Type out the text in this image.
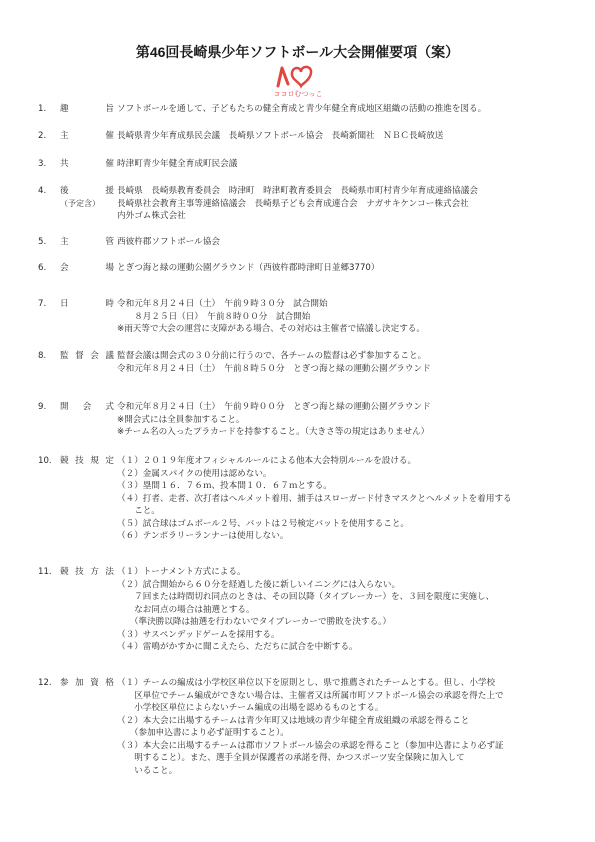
第46回長崎県少年ソフトボール大会開催要項（案）
ココロむつっこ
1.	趣　旨 ソフトボールを通して、子どもたちの健全育成と青少年健全育成地区組織の活動の推進を図る。
2.	主　催 長崎県青少年育成県民会議　長崎県ソフトボール協会　長崎新聞社　ＮＢＣ長崎放送
3.	共　催 時津町青少年健全育成町民会議
4.	後　援
（予定含）
長崎県　長崎県教育委員会　時津町　時津町教育委員会　長崎県市町村青少年育成連絡協議会
長崎県社会教育主事等連絡協議会　長崎県子ども会育成連合会　ナガサキケンコー株式会社
内外ゴム株式会社
5.	主　管 西彼杵郡ソフトボール協会
6.	会　場 とぎつ海と緑の運動公園グラウンド（西彼杵郡時津町日並郷3770）
7.	日　時 令和元年８月２４日（土）　午前９時３０分　試合開始
　　８月２５日（日）　午前８時００分　試合開始
※雨天等で大会の運営に支障がある場合、その対応は主催者で協議し決定する。
8.	監督会議 監督会議は開会式の３０分前に行うので、各チームの監督は必ず参加すること。
令和元年８月２４日（土）　午前８時５０分　とぎつ海と緑の運動公園グラウンド
9.	開 会 式 令和元年８月２４日（土）　午前９時００分　とぎつ海と緑の運動公園グラウンド
※開会式には全員参加すること。
※チーム名の入ったプラカードを持参すること。（大きさ等の規定はありません）
10. 競技規定 （１）２０１９年度オフィシャルルールによる他本大会特別ルールを設ける。
（２）金属スパイクの使用は認めない。
（３）塁間１６．７６ｍ、投本間１０．６７ｍとする。
（４）打者、走者、次打者はヘルメット着用、捕手はスローガード付きマスクとヘルメットを着用する
　　こと。
（５）試合球はゴムボール２号、バットは２号検定バットを使用すること。
（６）テンポラリーランナーは使用しない。
11. 競技方法 （１）トーナメント方式による。
（２）試合開始から６０分を経過した後に新しいイニングには入らない。
　　７回または時間切れ同点のときは、その回以降（タイブレーカー）を、３回を限度に実施し、
　　なお同点の場合は抽選とする。
　　（準決勝以降は抽選を行わないでタイブレーカーで勝敗を決する。）
（３）サスペンデッドゲームを採用する。
（４）雷鳴がかすかに聞こえたら、ただちに試合を中断する。
12. 参加資格 （１）チームの編成は小学校区単位以下を原則とし、県で推薦されたチームとする。但し、小学校
　　区単位でチーム編成ができない場合は、主催者又は所属市町ソフトボール協会の承認を得た上で
　　小学校区単位によらないチーム編成の出場を認めるものとする。
（２）本大会に出場するチームは青少年町又は地域の青少年健全育成組織の承認を得ること
　　（参加申込書により必ず証明すること）。
（３）本大会に出場するチームは郡市ソフトボール協会の承認を得ること（参加申込書により必ず証
　　明すること）。また、選手全員が保護者の承諾を得、かつスポーツ安全保険に加入して
　　いること。
